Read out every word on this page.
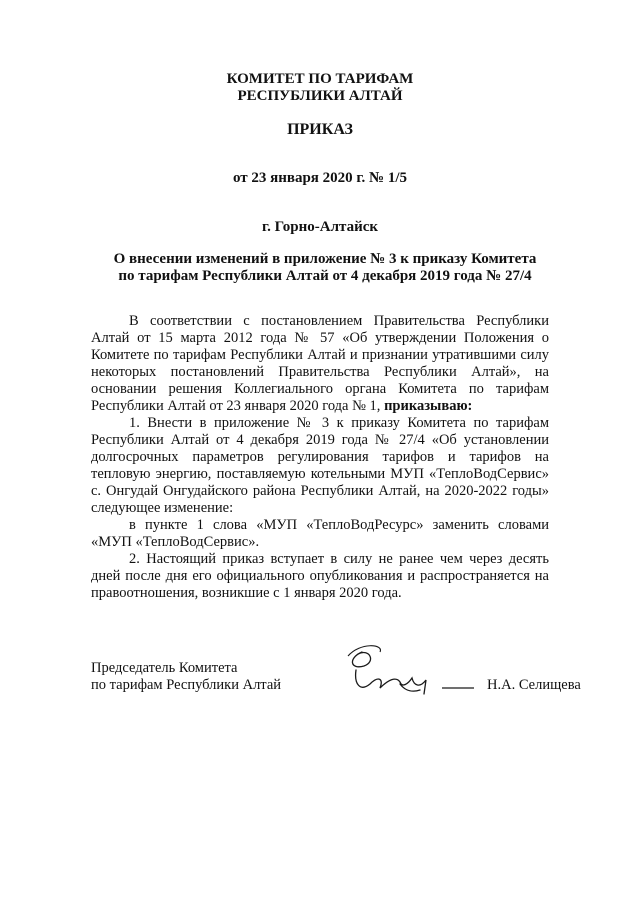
КОМИТЕТ ПО ТАРИФАМ

РЕСПУБЛИКИ АЛТАЙ

ПРИКАЗ

от 23 января 2020 г. № 1/5

г. Горно-Алтайск

О внесении изменений в приложение № 3 к приказу Комитета по тарифам Республики Алтай от 4 декабря 2019 года № 27/4

В соответствии с постановлением Правительства Республики Алтай от 15 марта 2012 года № 57 «Об утверждении Положения о Комитете по тарифам Республики Алтай и признании утратившими силу некоторых постановлений Правительства Республики Алтай», на основании решения Коллегиального органа Комитета по тарифам Республики Алтай от 23 января 2020 года № 1, приказываю:

1. Внести в приложение № 3 к приказу Комитета по тарифам Республики Алтай от 4 декабря 2019 года № 27/4 «Об установлении долгосрочных параметров регулирования тарифов и тарифов на тепловую энергию, поставляемую котельными МУП «ТеплоВодСервис» с. Онгудай Онгудайского района Республики Алтай, на 2020-2022 годы» следующее изменение:

в пункте 1 слова «МУП «ТеплоВодРесурс» заменить словами «МУП «ТеплоВодСервис».

2. Настоящий приказ вступает в силу не ранее чем через десять дней после дня его официального опубликования и распространяется на правоотношения, возникшие с 1 января 2020 года.

Председатель Комитета
по тарифам Республики Алтай	Н.А. Селищева
